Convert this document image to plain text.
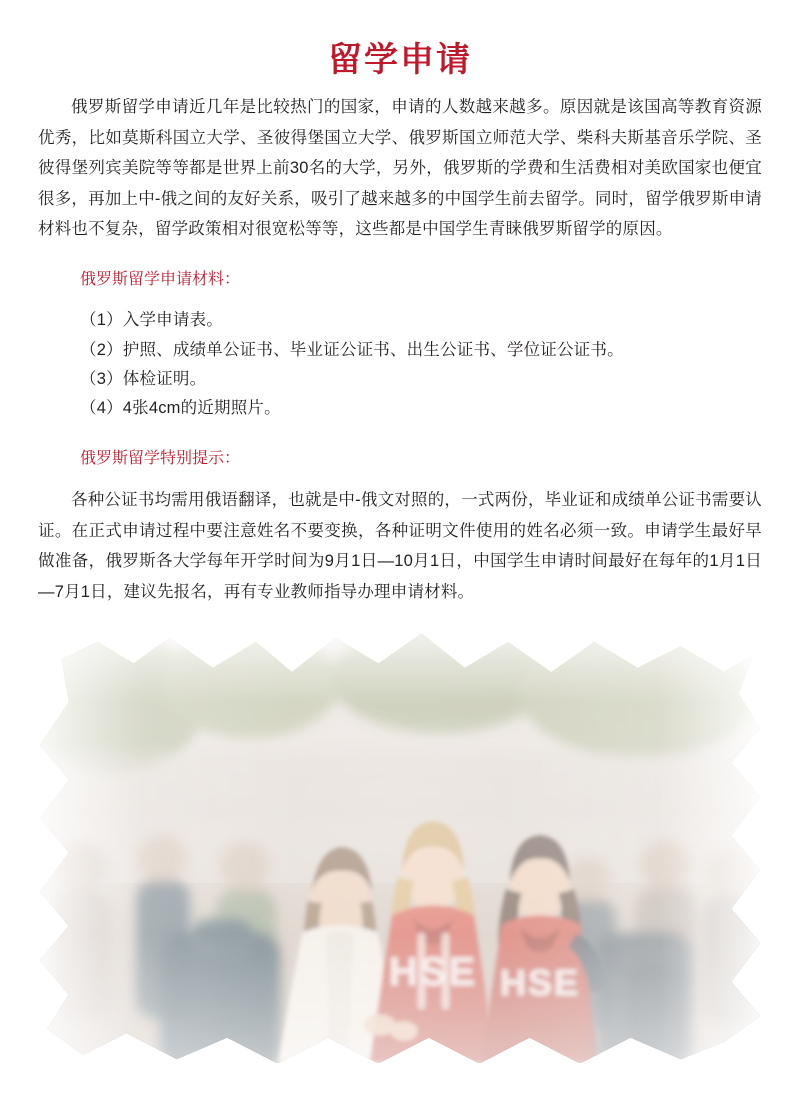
留学申请

俄罗斯留学申请近几年是比较热门的国家，申请的人数越来越多。原因就是该国高等教育资源优秀，比如莫斯科国立大学、圣彼得堡国立大学、俄罗斯国立师范大学、柴科夫斯基音乐学院、圣彼得堡列宾美院等等都是世界上前30名的大学，另外，俄罗斯的学费和生活费相对美欧国家也便宜很多，再加上中-俄之间的友好关系，吸引了越来越多的中国学生前去留学。同时，留学俄罗斯申请材料也不复杂，留学政策相对很宽松等等，这些都是中国学生青睐俄罗斯留学的原因。

俄罗斯留学申请材料：
（1）入学申请表。
（2）护照、成绩单公证书、毕业证公证书、出生公证书、学位证公证书。
（3）体检证明。
（4）4张4cm的近期照片。
俄罗斯留学特别提示：

各种公证书均需用俄语翻译，也就是中-俄文对照的，一式两份，毕业证和成绩单公证书需要认证。在正式申请过程中要注意姓名不要变换，各种证明文件使用的姓名必须一致。申请学生最好早做准备，俄罗斯各大学每年开学时间为9月1日—10月1日，中国学生申请时间最好在每年的1月1日—7月1日，建议先报名，再有专业教师指导办理申请材料。
